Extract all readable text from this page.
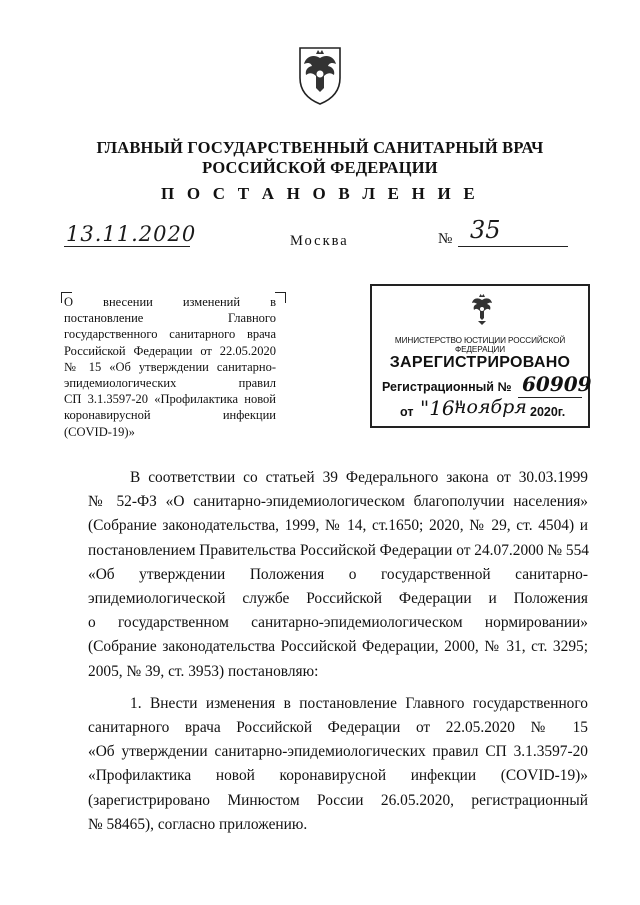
ГЛАВНЫЙ ГОСУДАРСТВЕННЫЙ САНИТАРНЫЙ ВРАЧ
РОССИЙСКОЙ ФЕДЕРАЦИИ
П О С Т А Н О В Л Е Н И Е
13.11.2020	Москва	№ 35
О внесении изменений в
постановление Главного
государственного санитарного врача
Российской Федерации от 22.05.2020
№ 15 «Об утверждении санитарно-
эпидемиологических правил
СП 3.1.3597-20 «Профилактика новой
коронавирусной инфекции
(COVID-19)»
МИНИСТЕРСТВО ЮСТИЦИИ РОССИЙСКОЙ ФЕДЕРАЦИИ
ЗАРЕГИСТРИРОВАНО
Регистрационный № 60909
от "16"
ноября 2020г.
В соответствии со статьей 39 Федерального закона от 30.03.1999
№ 52-ФЗ «О санитарно-эпидемиологическом благополучии населения»
(Собрание законодательства, 1999, № 14, ст.1650; 2020, № 29, ст. 4504) и
постановлением Правительства Российской Федерации от 24.07.2000 № 554
«Об утверждении Положения о государственной санитарно-
эпидемиологической службе Российской Федерации и Положения
о государственном санитарно-эпидемиологическом нормировании»
(Собрание законодательства Российской Федерации, 2000, № 31, ст. 3295;
2005, № 39, ст. 3953) постановляю:
1. Внести изменения в постановление Главного государственного
санитарного врача Российской Федерации от 22.05.2020 № 15
«Об утверждении санитарно-эпидемиологических правил СП 3.1.3597-20
«Профилактика новой коронавирусной инфекции (COVID-19)»
(зарегистрировано Минюстом России 26.05.2020, регистрационный
№ 58465), согласно приложению.
